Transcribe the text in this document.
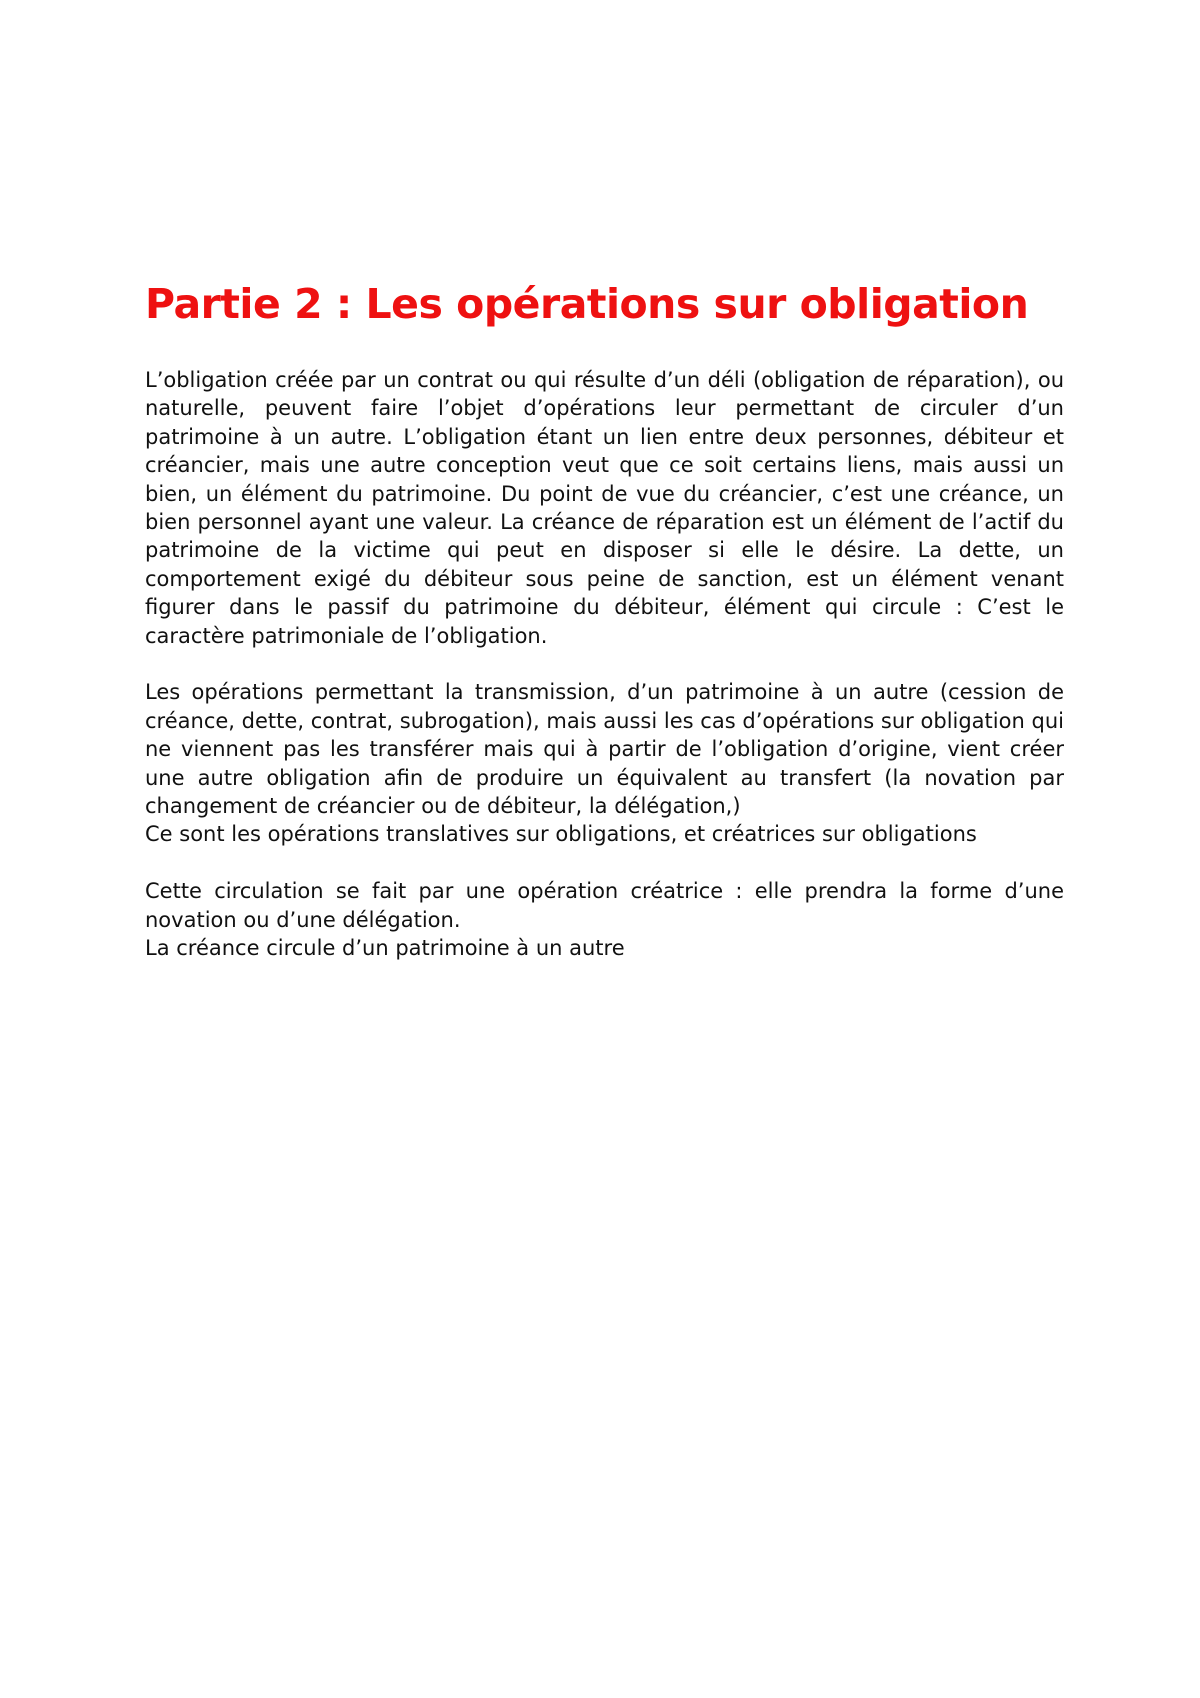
Partie 2 : Les opérations sur obligation

L’obligation créée par un contrat ou qui résulte d’un déli (obligation de réparation), ou naturelle, peuvent faire l’objet d’opérations leur permettant de circuler d’un patrimoine à un autre. L’obligation étant un lien entre deux personnes, débiteur et créancier, mais une autre conception veut que ce soit certains liens, mais aussi un bien, un élément du patrimoine. Du point de vue du créancier, c’est une créance, un bien personnel ayant une valeur. La créance de réparation est un élément de l’actif du patrimoine de la victime qui peut en disposer si elle le désire. La dette, un comportement exigé du débiteur sous peine de sanction, est un élément venant figurer dans le passif du patrimoine du débiteur, élément qui circule : C’est le caractère patrimoniale de l’obligation.

Les opérations permettant la transmission, d’un patrimoine à un autre (cession de créance, dette, contrat, subrogation), mais aussi les cas d’opérations sur obligation qui ne viennent pas les transférer mais qui à partir de l’obligation d’origine, vient créer une autre obligation afin de produire un équivalent au transfert (la novation par changement de créancier ou de débiteur, la délégation,)

Ce sont les opérations translatives sur obligations, et créatrices sur obligations

Cette circulation se fait par une opération créatrice : elle prendra la forme d’une novation ou d’une délégation.

La créance circule d’un patrimoine à un autre
